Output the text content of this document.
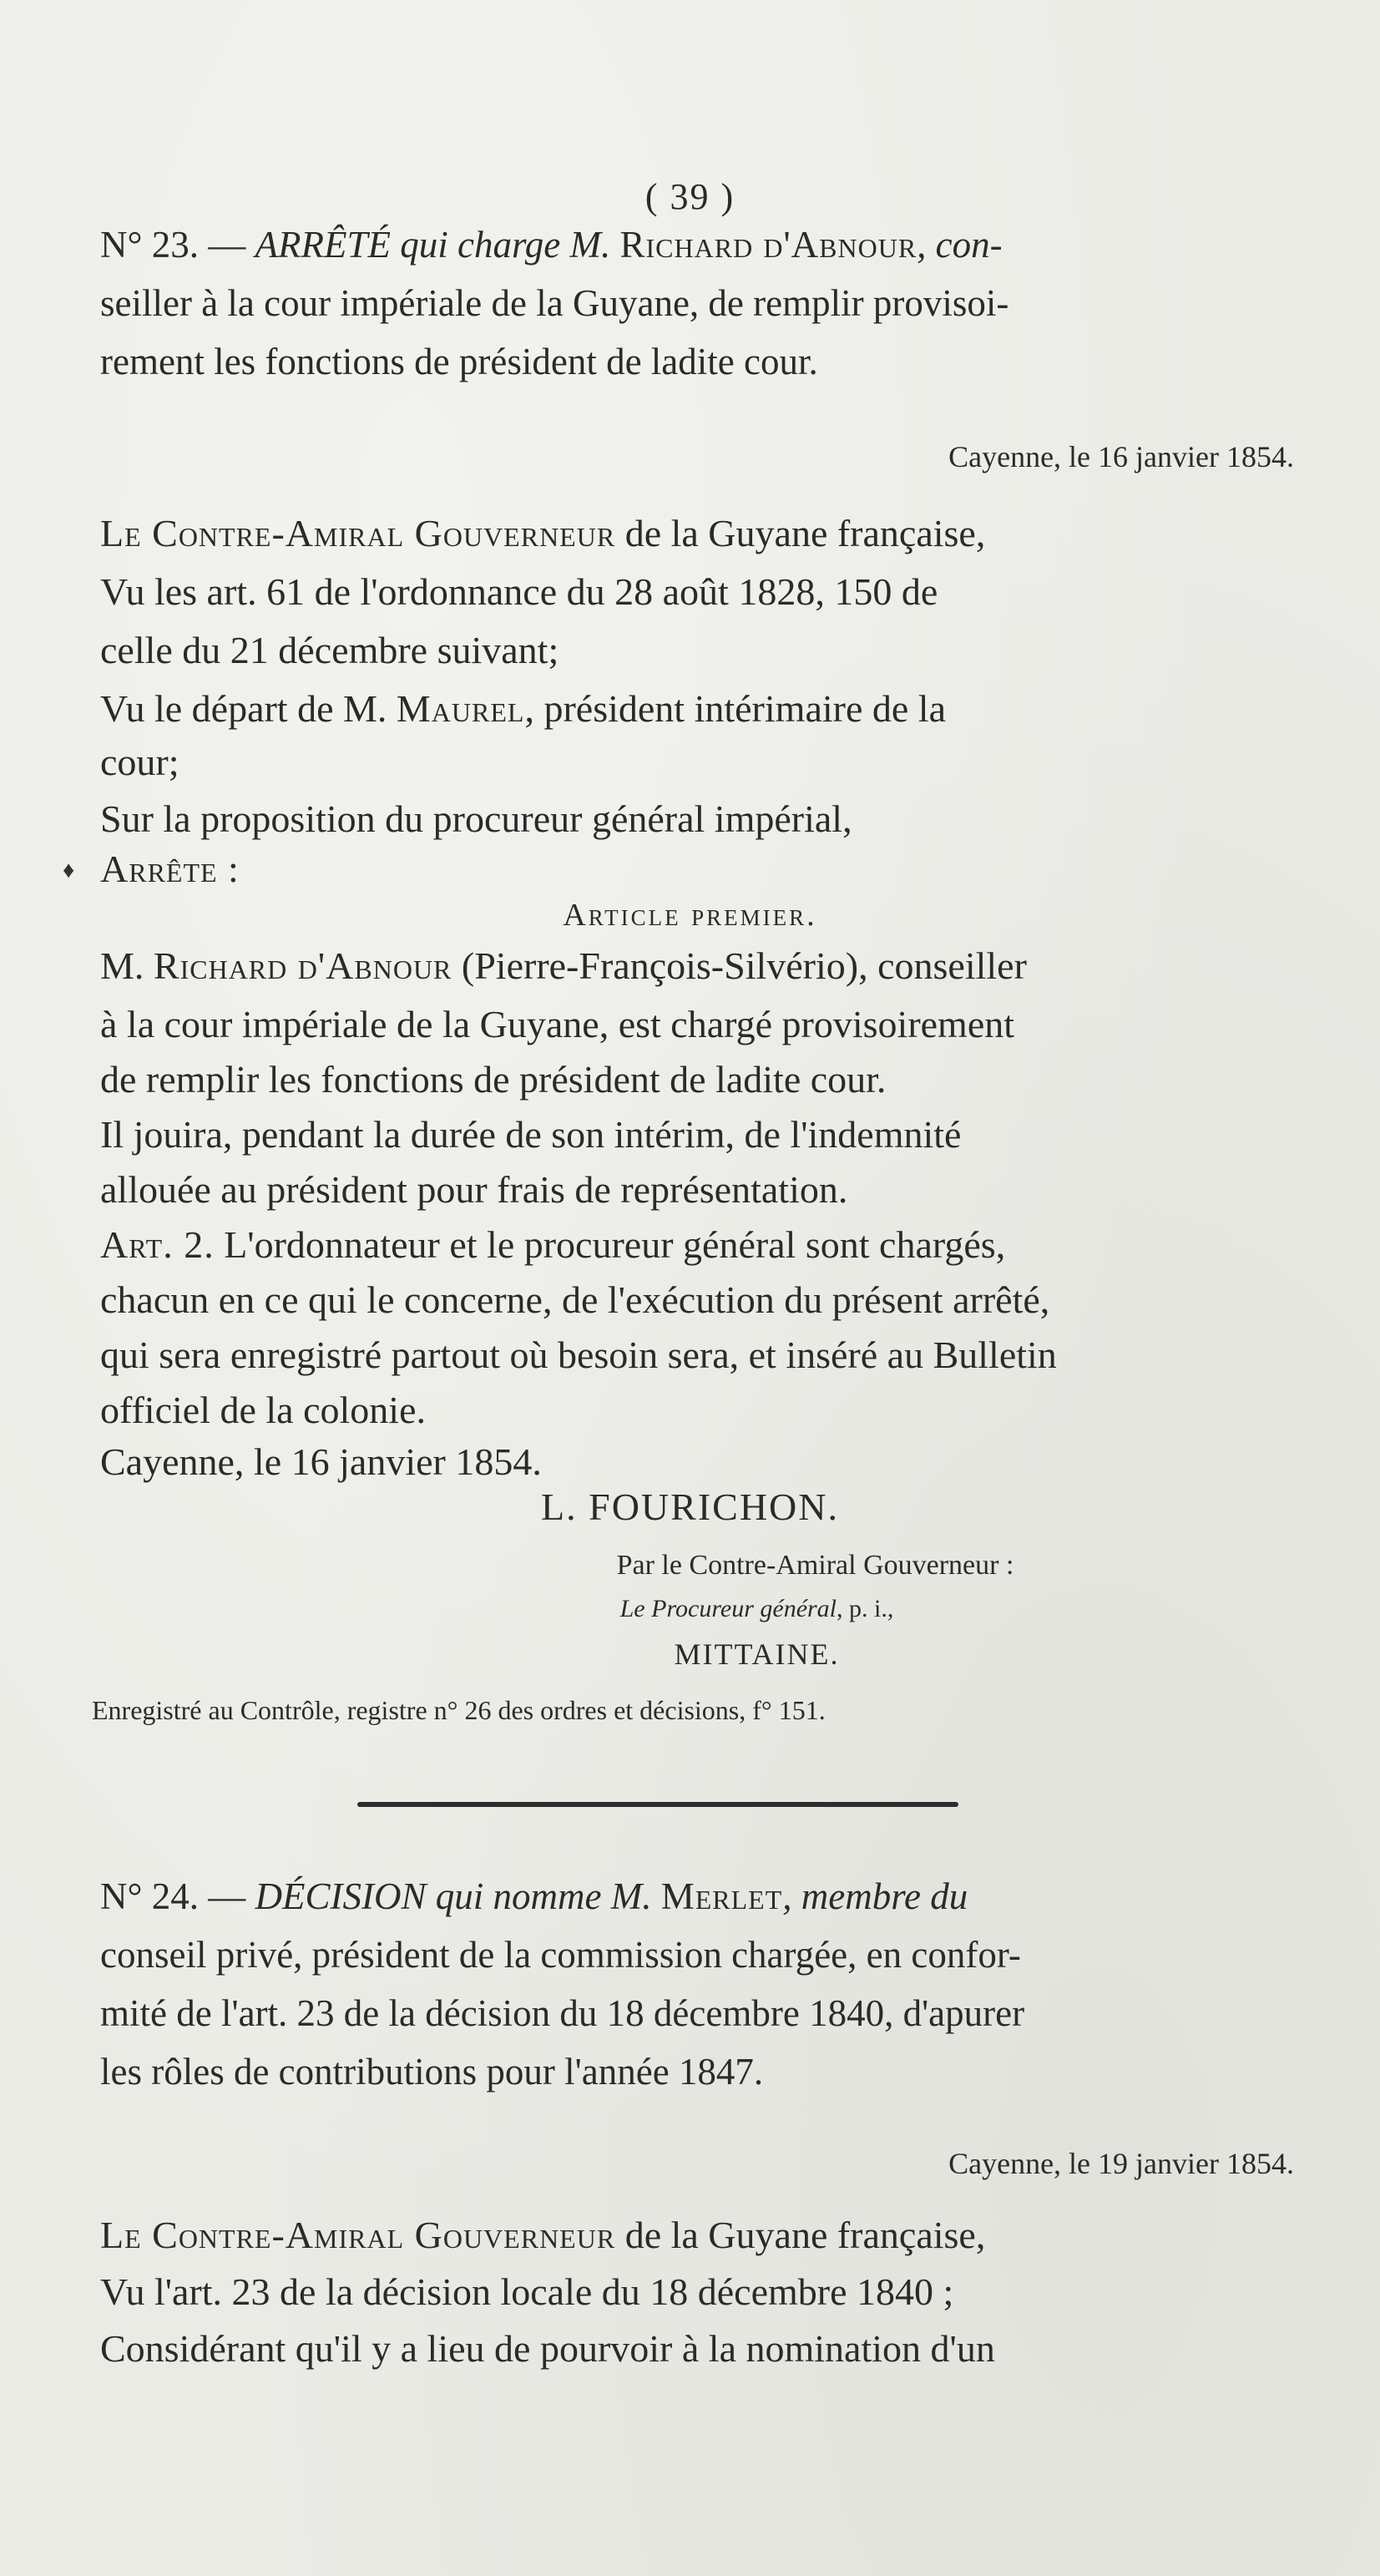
( 39 )
N° 23. — ARRÊTÉ qui charge M. Richard d'Abnour, con-
seiller à la cour impériale de la Guyane, de remplir provisoi-
rement les fonctions de président de ladite cour.
Cayenne, le 16 janvier 1854.
Le Contre-Amiral Gouverneur de la Guyane française,
Vu les art. 61 de l'ordonnance du 28 août 1828, 150 de
celle du 21 décembre suivant;
Vu le départ de M. Maurel, président intérimaire de la
cour;
Sur la proposition du procureur général impérial,
♦ Arrête :
Article premier.
M. Richard d'Abnour (Pierre-François-Silvério), conseiller
à la cour impériale de la Guyane, est chargé provisoirement
de remplir les fonctions de président de ladite cour.
Il jouira, pendant la durée de son intérim, de l'indemnité
allouée au président pour frais de représentation.
Art. 2. L'ordonnateur et le procureur général sont chargés,
chacun en ce qui le concerne, de l'exécution du présent arrêté,
qui sera enregistré partout où besoin sera, et inséré au Bulletin
officiel de la colonie.
Cayenne, le 16 janvier 1854.
L. FOURICHON.
Par le Contre-Amiral Gouverneur :
Le Procureur général, p. i.,
MITTAINE.
Enregistré au Contrôle, registre n° 26 des ordres et décisions, f° 151.
N° 24. — DÉCISION qui nomme M. Merlet, membre du
conseil privé, président de la commission chargée, en confor-
mité de l'art. 23 de la décision du 18 décembre 1840, d'apurer
les rôles de contributions pour l'année 1847.
Cayenne, le 19 janvier 1854.
Le Contre-Amiral Gouverneur de la Guyane française,
Vu l'art. 23 de la décision locale du 18 décembre 1840 ;
Considérant qu'il y a lieu de pourvoir à la nomination d'un
